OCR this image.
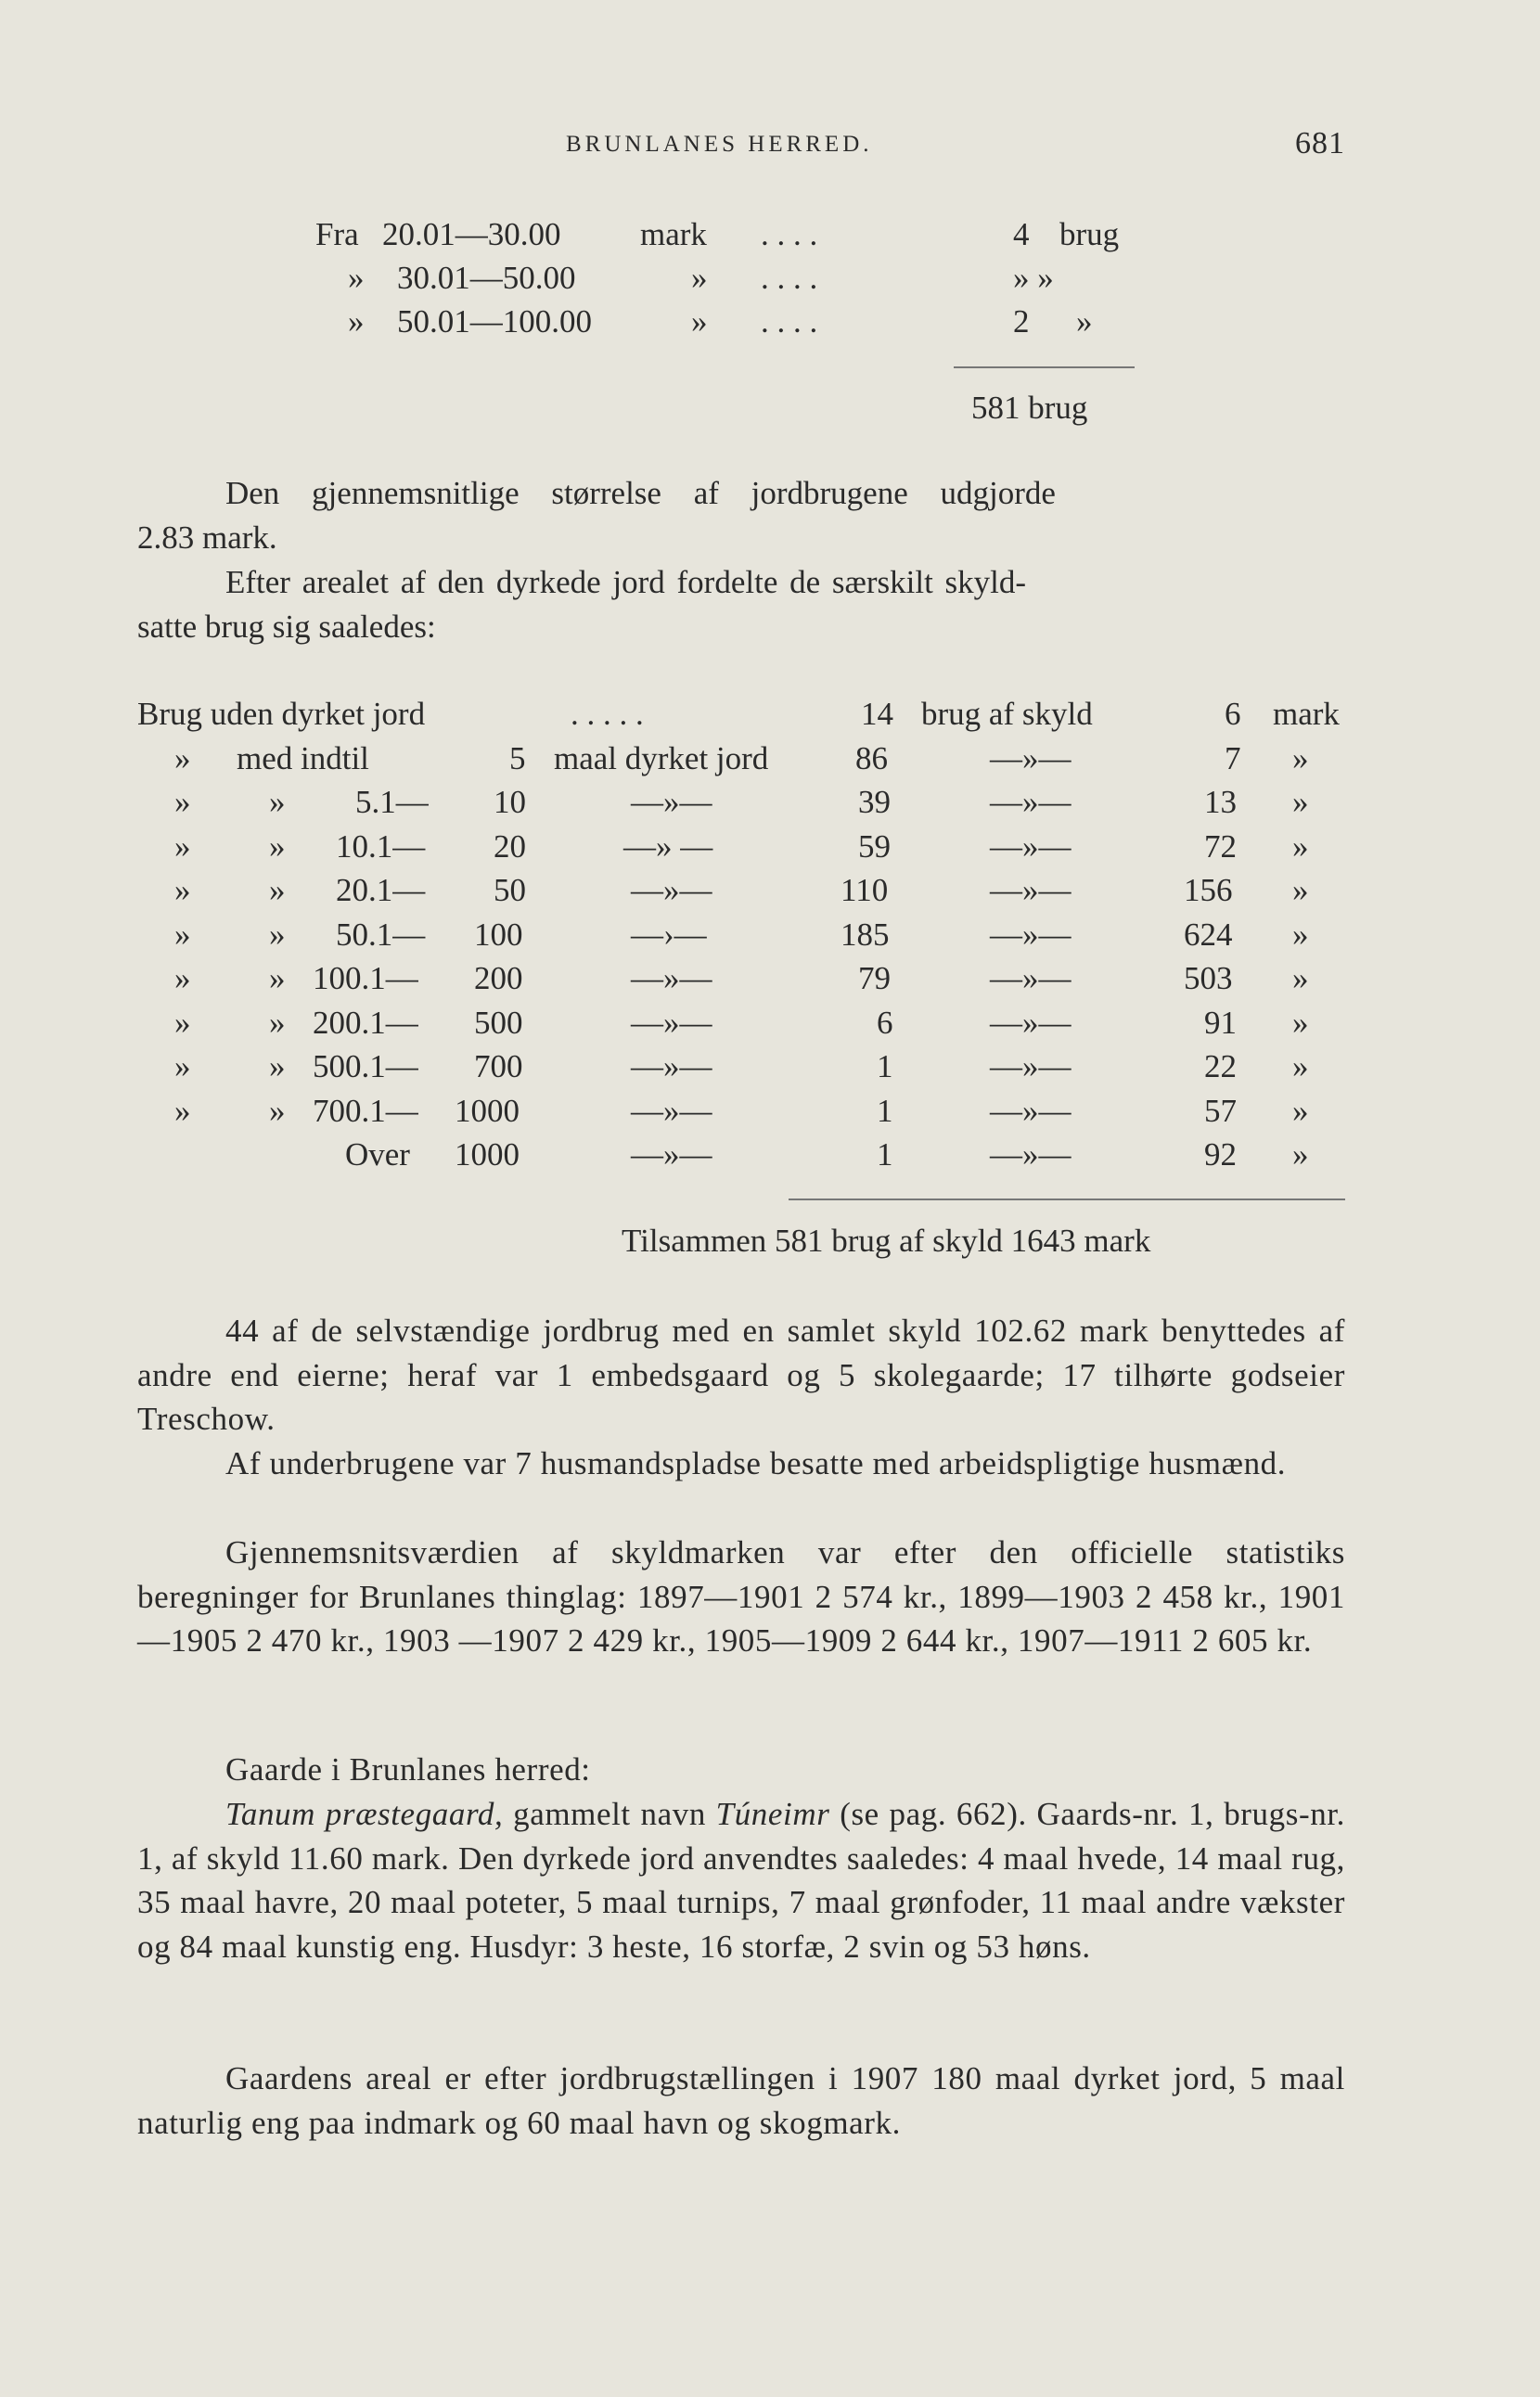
BRUNLANES HERRED.	681
Fra 20.01—30.00 mark . . . .	4 brug
» 30.01—50.00	» . . . .	» »
» 50.01—100.00	» . . . .	2 »
581 brug
Den gjennemsnitlige størrelse af jordbrugene udgjorde
2.83 mark.
Efter arealet af den dyrkede jord fordelte de særskilt skyld-
satte brug sig saaledes:
Brug uden dyrket jord	. . . . .	14 brug af skyld	6 mark
» med indtil	5 maal dyrket jord	86	—»—	7 »
» » 5.1— 10	—»—	39	—»—	13 »
» » 10.1— 20	—» —	59	—»—	72 »
» » 20.1— 50	—»—	110	—»—	156 »
» » 50.1— 100	—›—	185	—»—	624 »
» » 100.1— 200	—»—	79	—»—	503 »
» » 200.1— 500	—»—	6	—»—	91 »
» » 500.1— 700	—»—	1	—»—	22 »
» » 700.1— 1000	—»—	1	—»—	57 »
Over 1000	—»—	1	—»—	92 »
Tilsammen 581 brug af skyld 1643 mark

44 af de selvstændige jordbrug med en samlet skyld 102.62 mark benyttedes af andre end eierne; heraf var 1 embedsgaard og 5 skolegaarde; 17 tilhørte godseier Treschow.

Af underbrugene var 7 husmandspladse besatte med arbeidspligtige husmænd.

Gjennemsnitsværdien af skyldmarken var efter den officielle statistiks beregninger for Brunlanes thinglag: 1897—1901 2 574 kr., 1899—1903 2 458 kr., 1901—1905 2 470 kr., 1903 —1907 2 429 kr., 1905—1909 2 644 kr., 1907—1911 2 605 kr.

Gaarde i Brunlanes herred:

Tanum præstegaard, gammelt navn Túneimr (se pag. 662). Gaards-nr. 1, brugs-nr. 1, af skyld 11.60 mark. Den dyrkede jord anvendtes saaledes: 4 maal hvede, 14 maal rug, 35 maal havre, 20 maal poteter, 5 maal turnips, 7 maal grønfoder, 11 maal andre vækster og 84 maal kunstig eng. Husdyr: 3 heste, 16 storfæ, 2 svin og 53 høns.

Gaardens areal er efter jordbrugstællingen i 1907 180 maal dyrket jord, 5 maal naturlig eng paa indmark og 60 maal havn og skogmark.
